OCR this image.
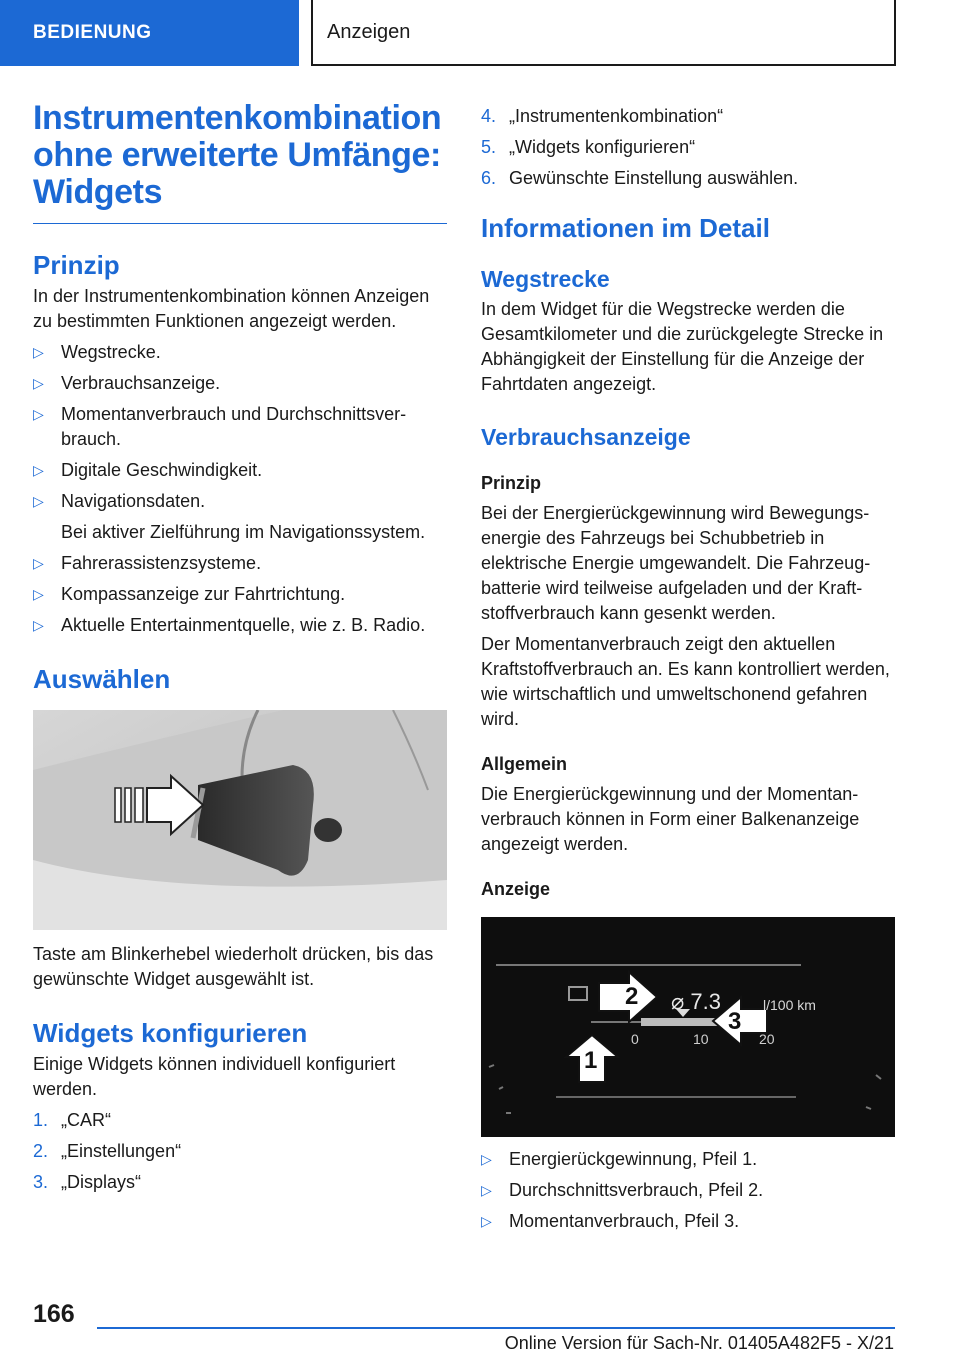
BEDIENUNG	Anzeigen
Instrumentenkombination
ohne erweiterte Umfänge:
Widgets
Prinzip

In der Instrumentenkombination können Anzeigen zu bestimmten Funktionen angezeigt werden.

▷ Wegstrecke.
▷ Verbrauchsanzeige.
▷ Momentanverbrauch und Durchschnittsverbrauch.
▷ Digitale Geschwindigkeit.
▷ Navigationsdaten.
Bei aktiver Zielführung im Navigationssystem.
▷ Fahrerassistenzsysteme.
▷ Kompassanzeige zur Fahrtrichtung.
▷ Aktuelle Entertainmentquelle, wie z. B. Radio.
Auswählen

Taste am Blinkerhebel wiederholt drücken, bis das gewünschte Widget ausgewählt ist.

Widgets konfigurieren

Einige Widgets können individuell konfiguriert werden.

1. „CAR“
2. „Einstellungen“
3. „Displays“
4. „Instrumentenkombination“
5. „Widgets konfigurieren“
6. Gewünschte Einstellung auswählen.
Informationen im Detail
Wegstrecke

In dem Widget für die Wegstrecke werden die Gesamtkilometer und die zurückgelegte Strecke in Abhängigkeit der Einstellung für die Anzeige der Fahrtdaten angezeigt.

Verbrauchsanzeige
Prinzip

Bei der Energierückgewinnung wird Bewegungsenergie des Fahrzeugs bei Schubbetrieb in elektrische Energie umgewandelt. Die Fahrzeugbatterie wird teilweise aufgeladen und der Kraftstoffverbrauch kann gesenkt werden.

Der Momentanverbrauch zeigt den aktuellen Kraftstoffverbrauch an. Es kann kontrolliert werden, wie wirtschaftlich und umweltschonend gefahren wird.

Allgemein

Die Energierückgewinnung und der Momentanverbrauch können in Form einer Balkenanzeige angezeigt werden.

Anzeige
⌀ 7.3	l/100 km
0	10	20
1
2
3
▷ Energierückgewinnung, Pfeil 1.
▷ Durchschnittsverbrauch, Pfeil 2.
▷ Momentanverbrauch, Pfeil 3.
166
Online Version für Sach-Nr. 01405A482F5 - X/21
